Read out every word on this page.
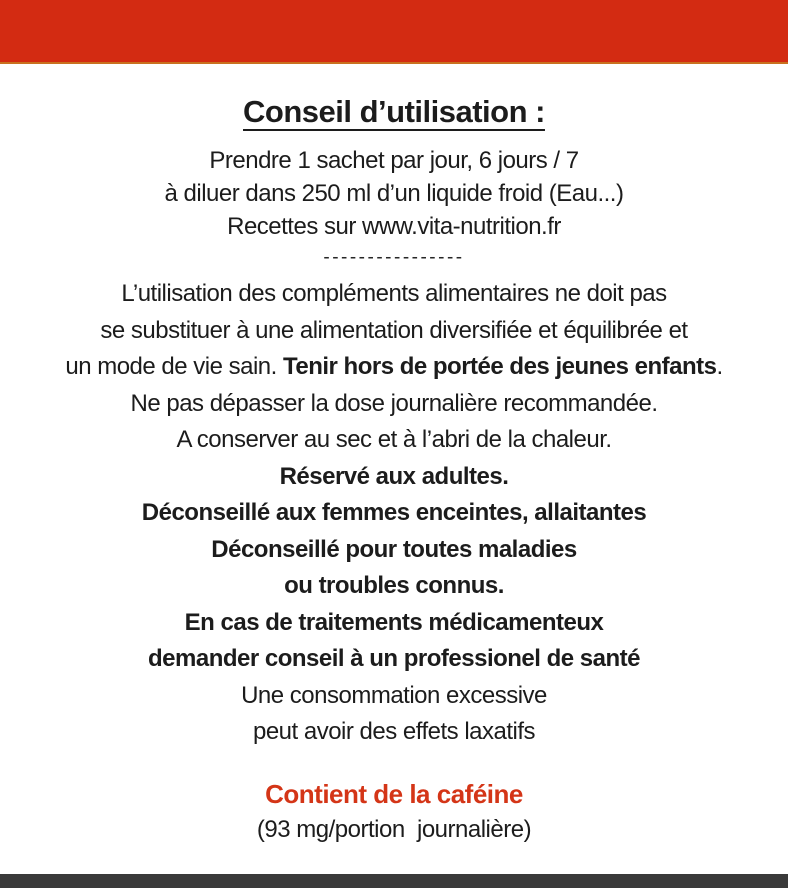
Conseil d’utilisation :
Prendre 1 sachet par jour, 6 jours / 7
à diluer dans 250 ml d’un liquide froid (Eau...)
Recettes sur www.vita-nutrition.fr
----------------
L’utilisation des compléments alimentaires ne doit pas
se substituer à une alimentation diversifiée et équilibrée et
un mode de vie sain. Tenir hors de portée des jeunes enfants.
Ne pas dépasser la dose journalière recommandée.
A conserver au sec et à l’abri de la chaleur.
Réservé aux adultes.
Déconseillé aux femmes enceintes, allaitantes
Déconseillé pour toutes maladies
ou troubles connus.
En cas de traitements médicamenteux
demander conseil à un professionel de santé
Une consommation excessive
peut avoir des effets laxatifs
Contient de la caféine
(93 mg/portion  journalière)
